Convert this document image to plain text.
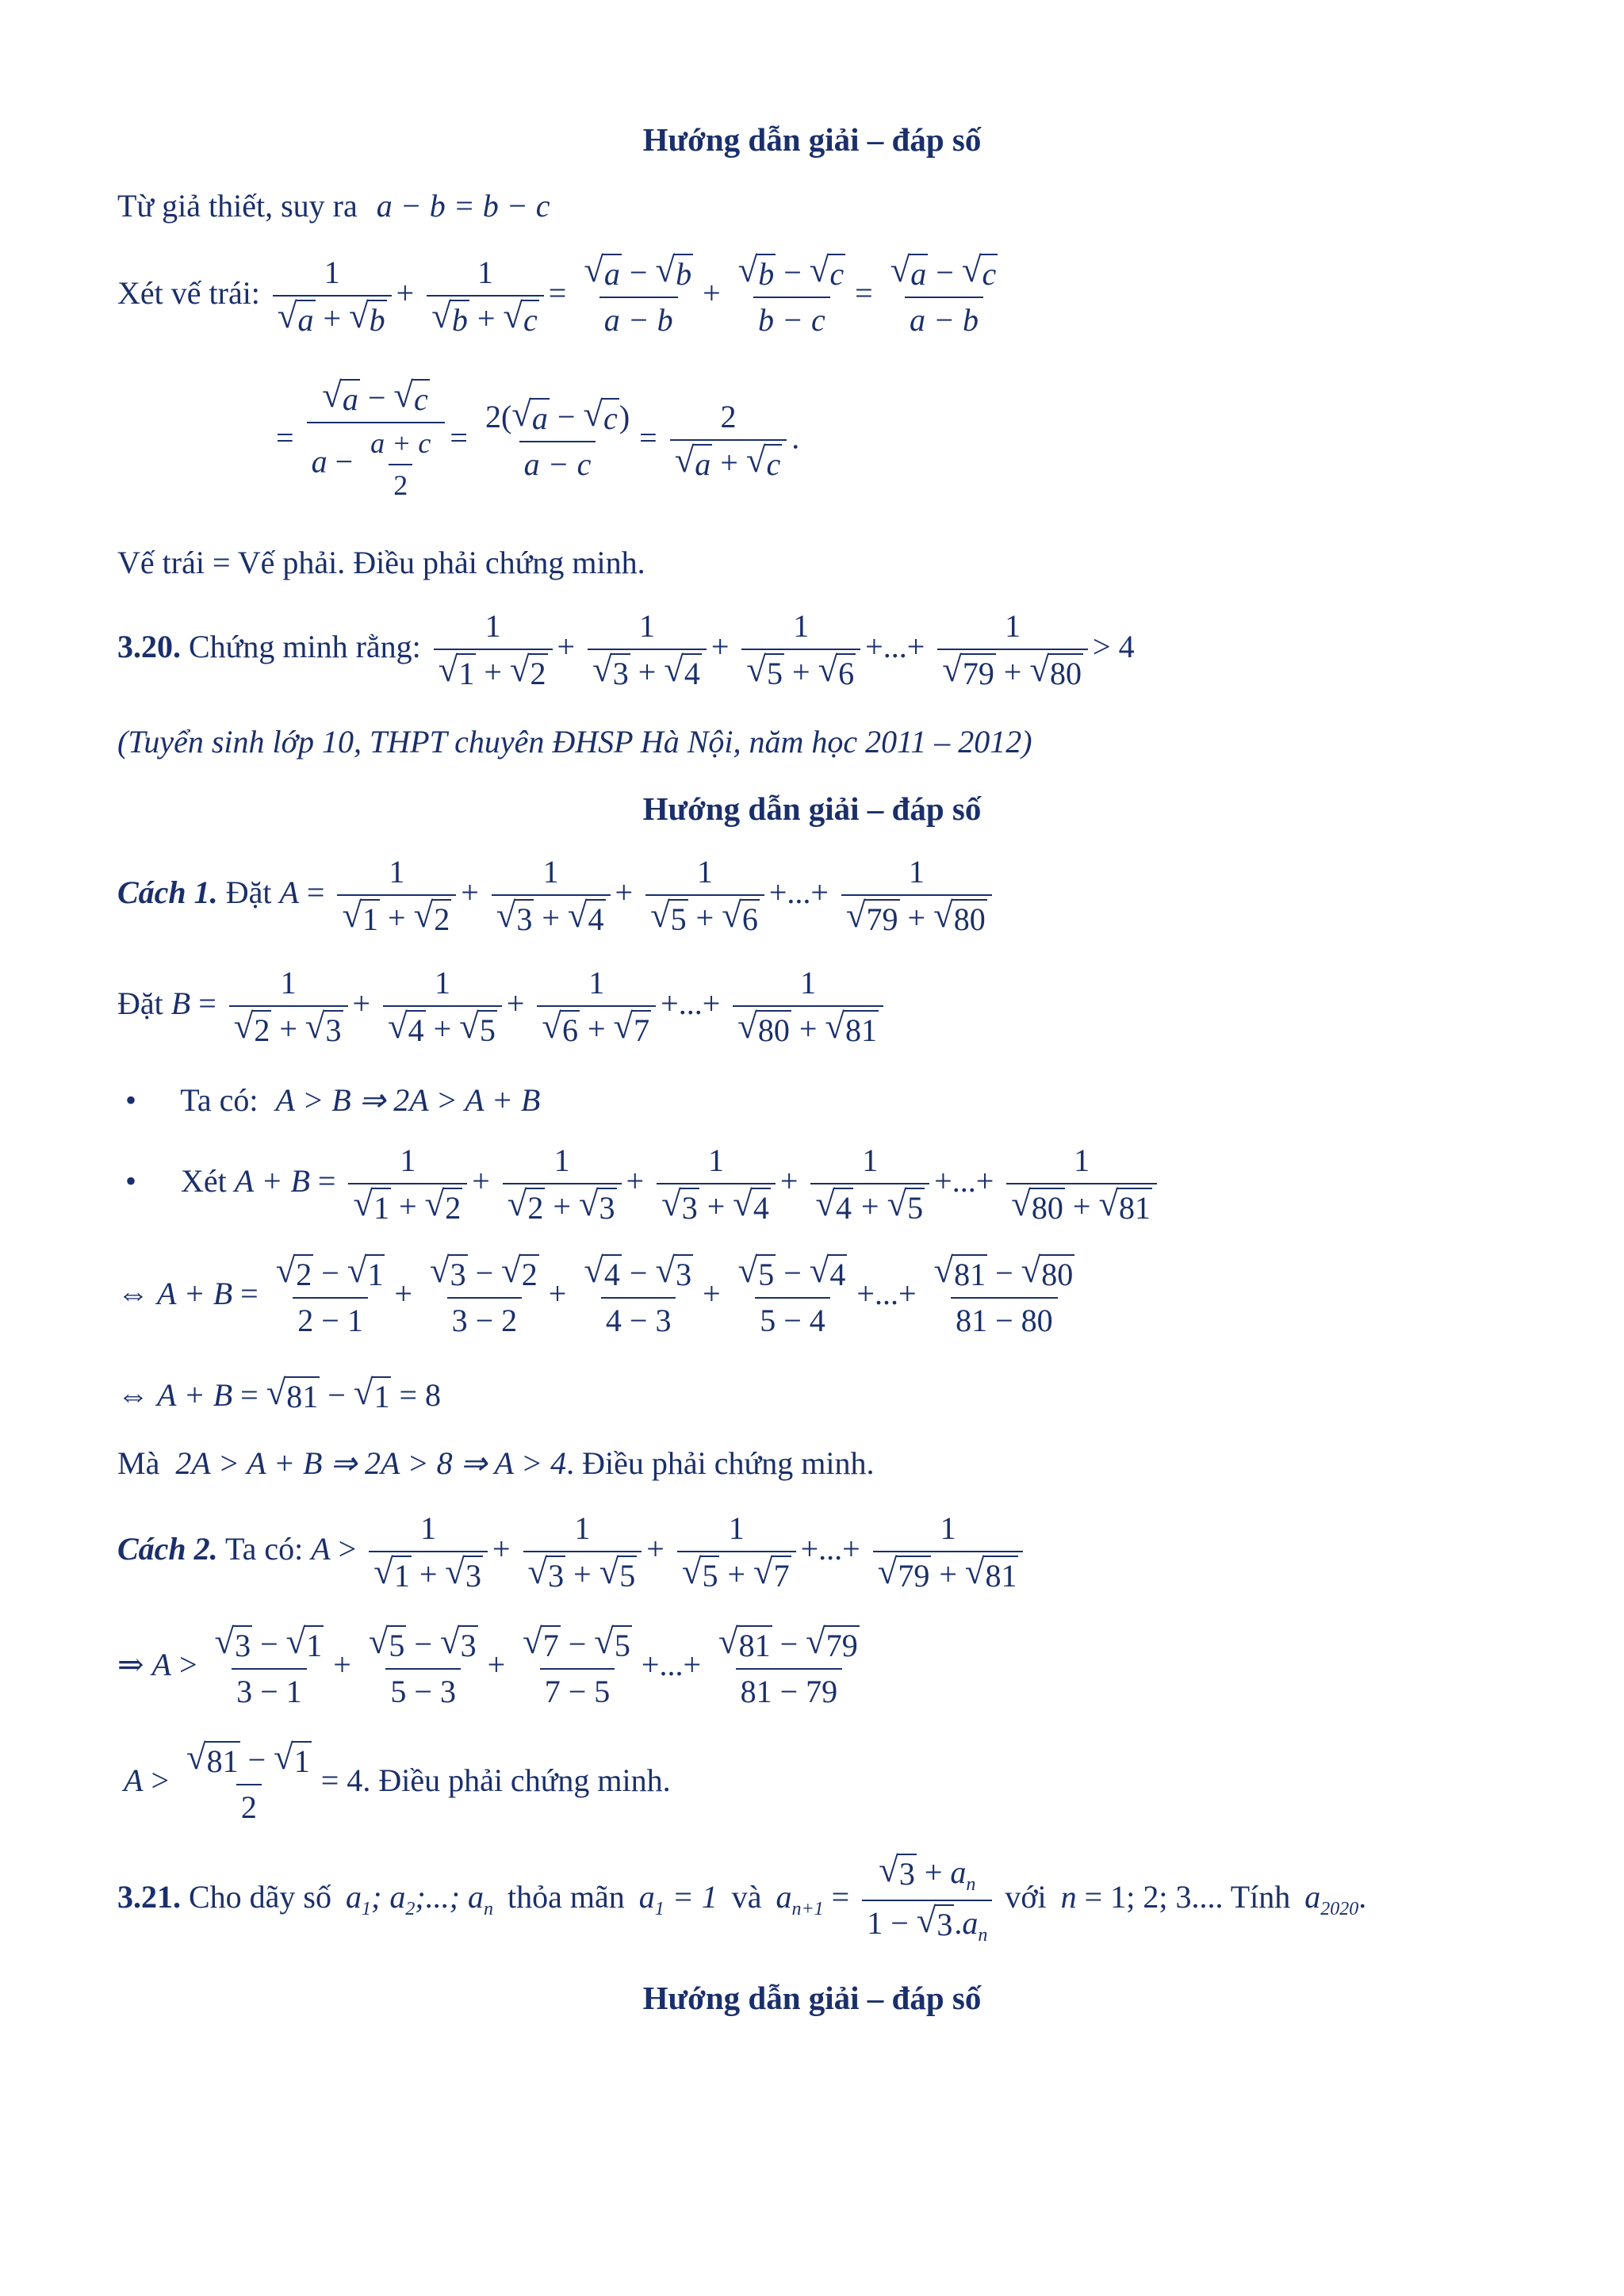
Hướng dẫn giải – đáp số
Từ giả thiết, suy ra a − b = b − c
Xét vế trái: $\frac{1}{√ a + √ b} + \frac{1}{√ b + √ c} = \frac{√ a - √ b}{a - b} + \frac{√ b - √ c}{b - c} = \frac{√ a - √ c}{a - b}$
= $\frac{√ a - √ c}{a - \frac{a + c}{2}} = \frac{2( √ a - √ c )}{a - c} = \frac{2}{√ a + √ c}$ .
Vế trái = Vế phải. Điều phải chứng minh.
3.20. Chứng minh rằng: $\frac{1}{√ 1 + √ 2} + \frac{1}{√ 3 + √ 4} + \frac{1}{√ 5 + √ 6}$ +...+ $\frac{1}{√ 79 + √ 80} > 4$
(Tuyển sinh lớp 10, THPT chuyên ĐHSP Hà Nội, năm học 2011 – 2012)
Hướng dẫn giải – đáp số
Cách 1. Đặt $A = \frac{1}{√ 1 + √ 2} + \frac{1}{√ 3 + √ 4} + \frac{1}{√ 5 + √ 6}$ +...+ $\frac{1}{√ 79 + √ 80}$
Đặt $B = \frac{1}{√ 2 + √ 3} + \frac{1}{√ 4 + √ 5} + \frac{1}{√ 6 + √ 7}$ +...+ $\frac{1}{√ 80 + √ 81}$
• Ta có: A > B ⇒ 2A > A + B
• Xét $A + B = \frac{1}{√ 1 + √ 2} + \frac{1}{√ 2 + √ 3} + \frac{1}{√ 3 + √ 4} + \frac{1}{√ 4 + √ 5}$ +...+ $\frac{1}{√ 80 + √ 81}$
⇔ $A + B = \frac{√ 2 - √ 1}{2 - 1} + \frac{√ 3 - √ 2}{3 - 2} + \frac{√ 4 - √ 3}{4 - 3} + \frac{√ 5 - √ 4}{5 - 4}$ +...+ $\frac{√ 81 - √ 80}{81 - 80}$
⇔ A + B = √ 81 − √ 1 = 8
Mà 2A > A + B ⇒ 2A > 8 ⇒ A > 4. Điều phải chứng minh.
Cách 2. Ta có: $A > \frac{1}{√ 1 + √ 3} + \frac{1}{√ 3 + √ 5} + \frac{1}{√ 5 + √ 7}$ +...+ $\frac{1}{√ 79 + √ 81}$
⇒ $A > \frac{√ 3 - √ 1}{3 - 1} + \frac{√ 5 - √ 3}{5 - 3} + \frac{√ 7 - √ 5}{7 - 5}$ +...+ $\frac{√ 81 - √ 79}{81 - 79}$
$A > \frac{√ 81 - √ 1}{2} = 4$. Điều phải chứng minh.
3.21. Cho dãy số $a_1$; $a_2$;...; $a_n$ thỏa mãn $a_1 = 1$ và $a_{n+1} = \frac{√ 3 + a_n}{1 - √ 3 .a_n}$ với n = 1; 2; 3.... Tính $a_{2020}$.
Hướng dẫn giải – đáp số
